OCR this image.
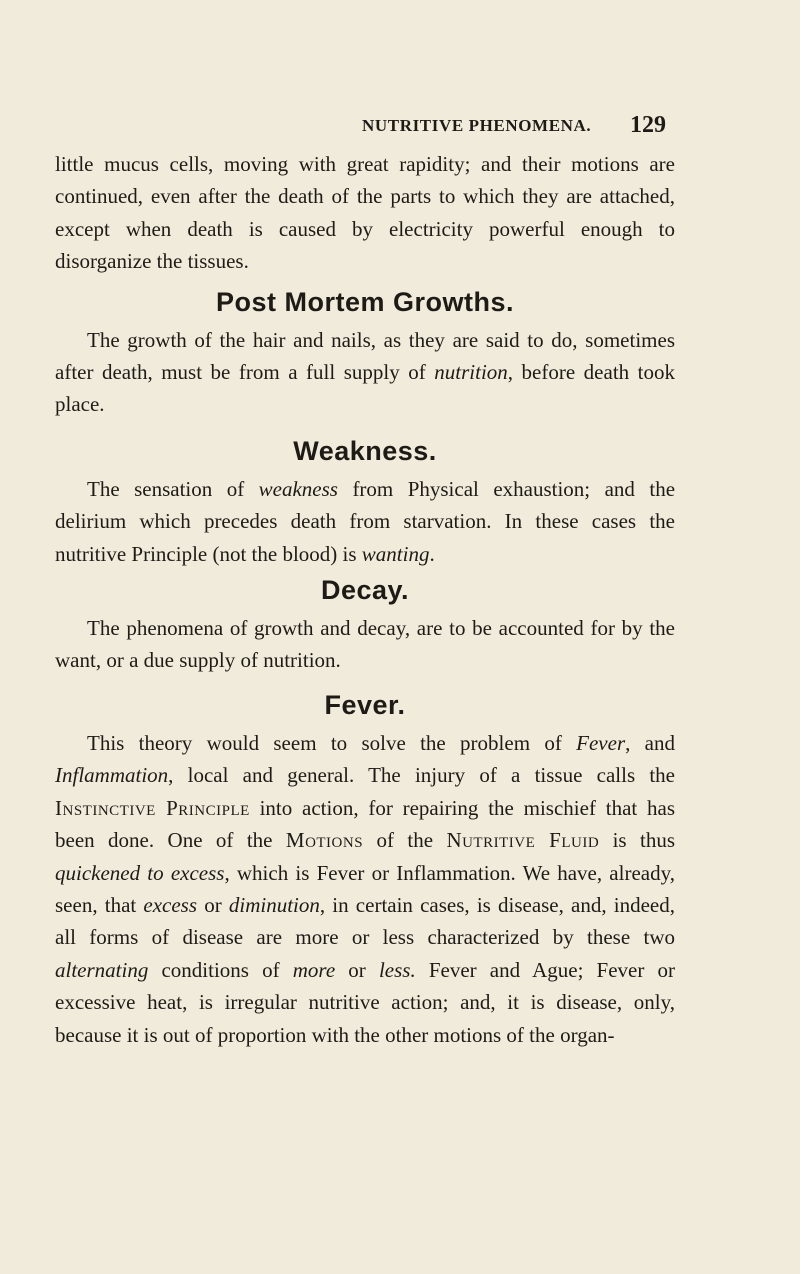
NUTRITIVE PHENOMENA. 129

little mucus cells, moving with great rapidity; and their motions are continued, even after the death of the parts to which they are attached, except when death is caused by electricity powerful enough to disorganize the tissues.

Post Mortem Growths.

The growth of the hair and nails, as they are said to do, sometimes after death, must be from a full supply of nutrition, before death took place.

Weakness.

The sensation of weakness from Physical exhaustion; and the delirium which precedes death from starvation. In these cases the nutritive Principle (not the blood) is wanting.

Decay.

The phenomena of growth and decay, are to be accounted for by the want, or a due supply of nutrition.

Fever.

This theory would seem to solve the problem of Fever, and Inflammation, local and general. The injury of a tissue calls the Instinctive Principle into action, for repairing the mischief that has been done. One of the Motions of the Nutritive Fluid is thus quickened to excess, which is Fever or Inflammation. We have, already, seen, that excess or diminution, in certain cases, is disease, and, indeed, all forms of disease are more or less characterized by these two alternating conditions of more or less. Fever and Ague; Fever or excessive heat, is irregular nutritive action; and, it is disease, only, because it is out of proportion with the other motions of the organ-
